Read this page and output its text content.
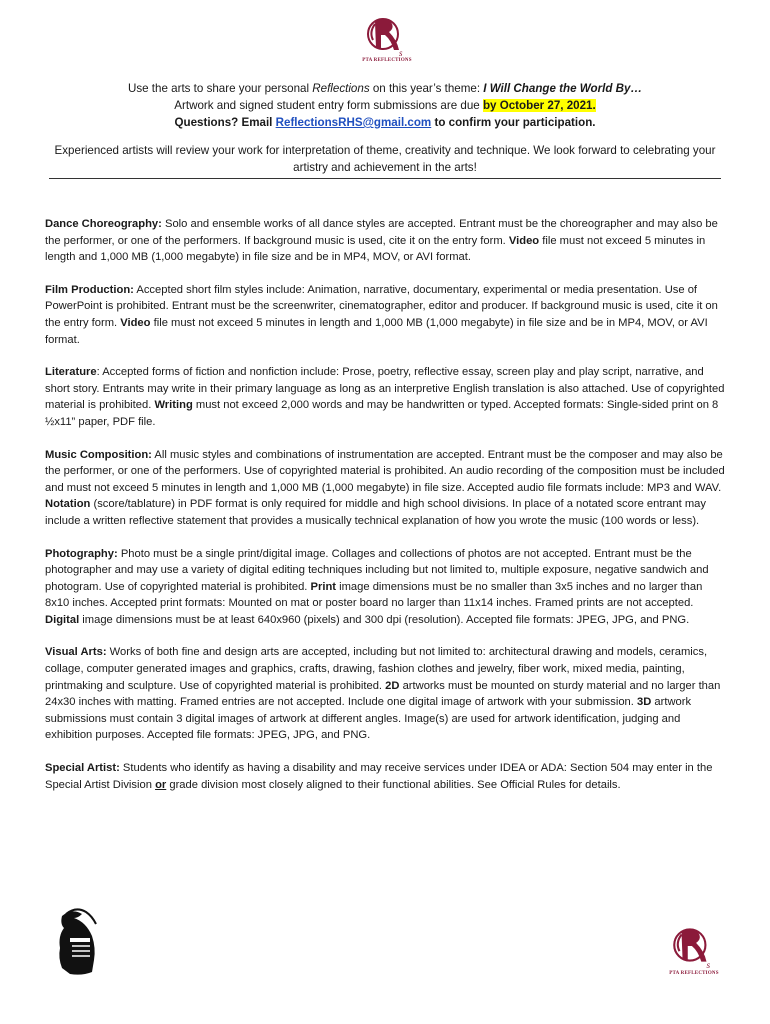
s
PTA REFLECTIONS
Use the arts to share your personal Reflections on this year’s theme: I Will Change the World By…
Artwork and signed student entry form submissions are due by October 27, 2021.
Questions? Email ReflectionsRHS@gmail.com to confirm your participation.
Experienced artists will review your work for interpretation of theme, creativity and technique. We look forward to celebrating your artistry and achievement in the arts!

Dance Choreography: Solo and ensemble works of all dance styles are accepted. Entrant must be the choreographer and may also be the performer, or one of the performers. If background music is used, cite it on the entry form. Video file must not exceed 5 minutes in length and 1,000 MB (1,000 megabyte) in file size and be in MP4, MOV, or AVI format.

Film Production: Accepted short film styles include: Animation, narrative, documentary, experimental or media presentation. Use of PowerPoint is prohibited. Entrant must be the screenwriter, cinematographer, editor and producer. If background music is used, cite it on the entry form. Video file must not exceed 5 minutes in length and 1,000 MB (1,000 megabyte) in file size and be in MP4, MOV, or AVI format.

Literature: Accepted forms of fiction and nonfiction include: Prose, poetry, reflective essay, screen play and play script, narrative, and short story. Entrants may write in their primary language as long as an interpretive English translation is also attached. Use of copyrighted material is prohibited. Writing must not exceed 2,000 words and may be handwritten or typed. Accepted formats: Single-sided print on 8 ½x11” paper, PDF file.

Music Composition: All music styles and combinations of instrumentation are accepted. Entrant must be the composer and may also be the performer, or one of the performers. Use of copyrighted material is prohibited. An audio recording of the composition must be included and must not exceed 5 minutes in length and 1,000 MB (1,000 megabyte) in file size. Accepted audio file formats include: MP3 and WAV. Notation (score/tablature) in PDF format is only required for middle and high school divisions. In place of a notated score entrant may include a written reflective statement that provides a musically technical explanation of how you wrote the music (100 words or less).

Photography: Photo must be a single print/digital image. Collages and collections of photos are not accepted. Entrant must be the photographer and may use a variety of digital editing techniques including but not limited to, multiple exposure, negative sandwich and photogram. Use of copyrighted material is prohibited. Print image dimensions must be no smaller than 3x5 inches and no larger than 8x10 inches. Accepted print formats: Mounted on mat or poster board no larger than 11x14 inches. Framed prints are not accepted. Digital image dimensions must be at least 640x960 (pixels) and 300 dpi (resolution). Accepted file formats: JPEG, JPG, and PNG.

Visual Arts: Works of both fine and design arts are accepted, including but not limited to: architectural drawing and models, ceramics, collage, computer generated images and graphics, crafts, drawing, fashion clothes and jewelry, fiber work, mixed media, painting, printmaking and sculpture. Use of copyrighted material is prohibited. 2D artworks must be mounted on sturdy material and no larger than 24x30 inches with matting. Framed entries are not accepted. Include one digital image of artwork with your submission. 3D artwork submissions must contain 3 digital images of artwork at different angles. Image(s) are used for artwork identification, judging and exhibition purposes. Accepted file formats: JPEG, JPG, and PNG.

Special Artist: Students who identify as having a disability and may receive services under IDEA or ADA: Section 504 may enter in the Special Artist Division or grade division most closely aligned to their functional abilities. See Official Rules for details.

s
PTA REFLECTIONS
